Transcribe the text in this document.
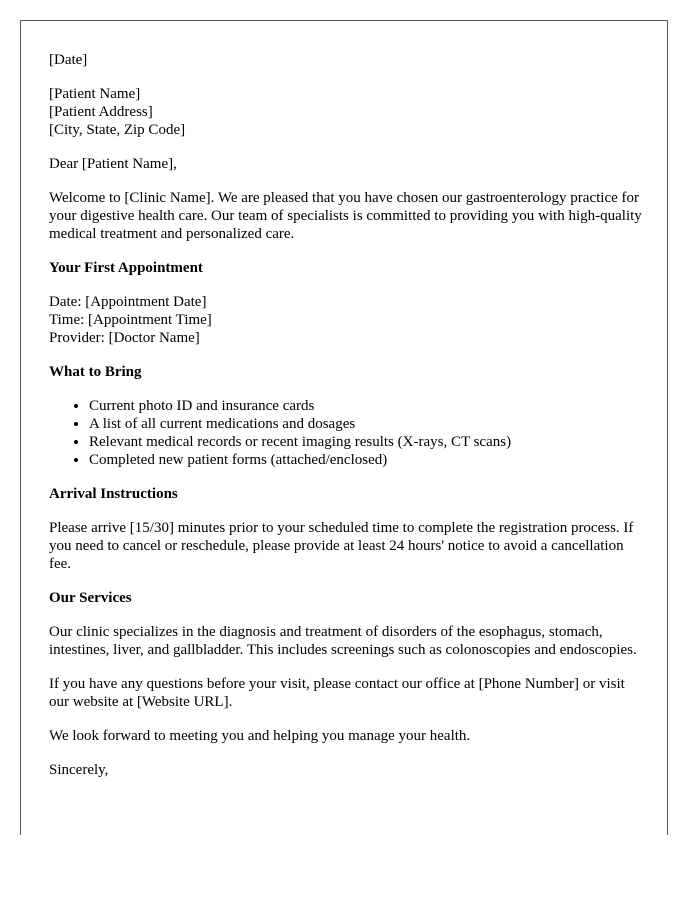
[Date]

[Patient Name]

[Patient Address]

[City, State, Zip Code]

Dear [Patient Name],

Welcome to [Clinic Name]. We are pleased that you have chosen our gastroenterology practice for your digestive health care. Our team of specialists is committed to providing you with high-quality medical treatment and personalized care.

Your First Appointment

Date: [Appointment Date]

Time: [Appointment Time]

Provider: [Doctor Name]

What to Bring
• Current photo ID and insurance cards
• A list of all current medications and dosages
• Relevant medical records or recent imaging results (X-rays, CT scans)
• Completed new patient forms (attached/enclosed)
Arrival Instructions

Please arrive [15/30] minutes prior to your scheduled time to complete the registration process. If you need to cancel or reschedule, please provide at least 24 hours' notice to avoid a cancellation fee.

Our Services

Our clinic specializes in the diagnosis and treatment of disorders of the esophagus, stomach, intestines, liver, and gallbladder. This includes screenings such as colonoscopies and endoscopies.

If you have any questions before your visit, please contact our office at [Phone Number] or visit our website at [Website URL].

We look forward to meeting you and helping you manage your health.

Sincerely,
